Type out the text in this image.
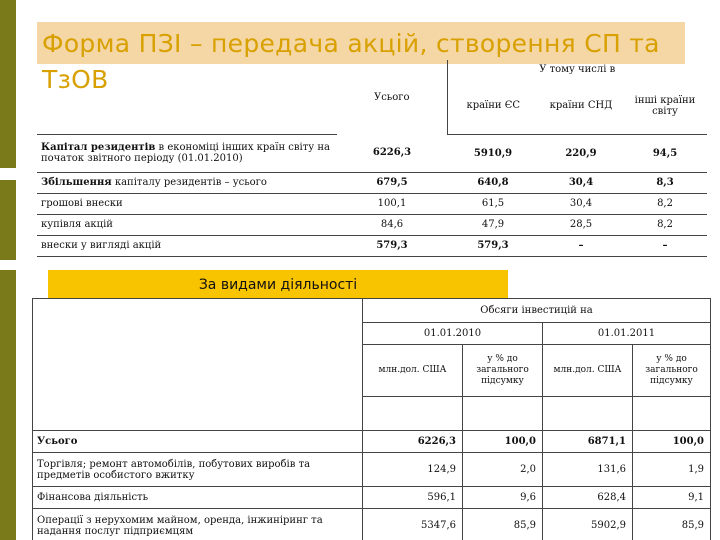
Форма ПЗІ – передача акцій, створення СП та ТзОВ
	Усього	У тому числі в		
		країни ЄС	країни СНД	інші країни світу
Капітал резидентів в економіці інших країн світу на початок звітного періоду (01.01.2010)	6226,3	5910,9	220,9	94,5
Збільшення капіталу резидентів – усього	679,5	640,8	30,4	8,3
грошові внески	100,1	61,5	30,4	8,2
купівля акцій	84,6	47,9	28,5	8,2
внески у вигляді акцій	579,3	579,3	–	–
За видами діяльності
	Обсяги інвестицій на			
	01.01.2010		01.01.2011	
	млн.дол. США	у % до загального підсумку	млн.дол. США	у % до загального підсумку

Усього	6226,3	100,0	6871,1	100,0
Торгівля; ремонт автомобілів, побутових виробів та предметів особистого вжитку	124,9	2,0	131,6	1,9
Фінансова діяльність	596,1	9,6	628,4	9,1
Операції з нерухомим майном, оренда, інжиніринг та надання послуг підприємцям	5347,6	85,9	5902,9	85,9
